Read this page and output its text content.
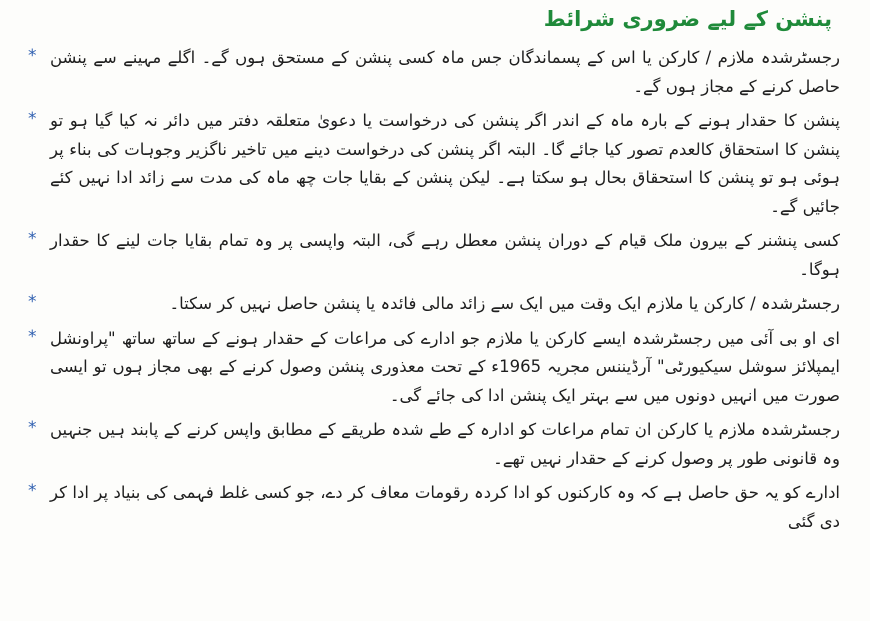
پنشن کے لیے ضروری شرائط
* رجسٹرشدہ ملازم / کارکن یا اس کے پسماندگان جس ماہ کسی پنشن کے مستحق ہوں گے۔ اگلے مہینے سے پنشن حاصل کرنے کے مجاز ہوں گے۔
* پنشن کا حقدار ہونے کے بارہ ماہ کے اندر اگر پنشن کی درخواست یا دعویٰ متعلقہ دفتر میں دائر نہ کیا گیا ہو تو پنشن کا استحقاق کالعدم تصور کیا جائے گا۔ البتہ اگر پنشن کی درخواست دینے میں تاخیر ناگزیر وجوہات کی بناء پر ہوئی ہو تو پنشن کا استحقاق بحال ہو سکتا ہے۔ لیکن پنشن کے بقایا جات چھ ماہ کی مدت سے زائد ادا نہیں کئے جائیں گے۔
* کسی پنشنر کے بیرون ملک قیام کے دوران پنشن معطل رہے گی، البتہ واپسی پر وہ تمام بقایا جات لینے کا حقدار ہوگا۔
*	رجسٹرشدہ / کارکن یا ملازم ایک وقت میں ایک سے زائد مالی فائدہ یا پنشن حاصل نہیں کر سکتا۔
* ای او بی آئی میں رجسٹرشدہ ایسے کارکن یا ملازم جو ادارے کی مراعات کے حقدار ہونے کے ساتھ ساتھ "پراونشل ایمپلائز سوشل سیکیورٹی" آرڈیننس مجریہ 1965ء کے تحت معذوری پنشن وصول کرنے کے بھی مجاز ہوں تو ایسی صورت میں انہیں دونوں میں سے بہتر ایک پنشن ادا کی جائے گی۔
* رجسٹرشدہ ملازم یا کارکن ان تمام مراعات کو ادارہ کے طے شدہ طریقے کے مطابق واپس کرنے کے پابند ہیں جنہیں وہ قانونی طور پر وصول کرنے کے حقدار نہیں تھے۔
* ادارے کو یہ حق حاصل ہے کہ وہ کارکنوں کو ادا کردہ رقومات معاف کر دے، جو کسی غلط فہمی کی بنیاد پر ادا کر دی گئی
